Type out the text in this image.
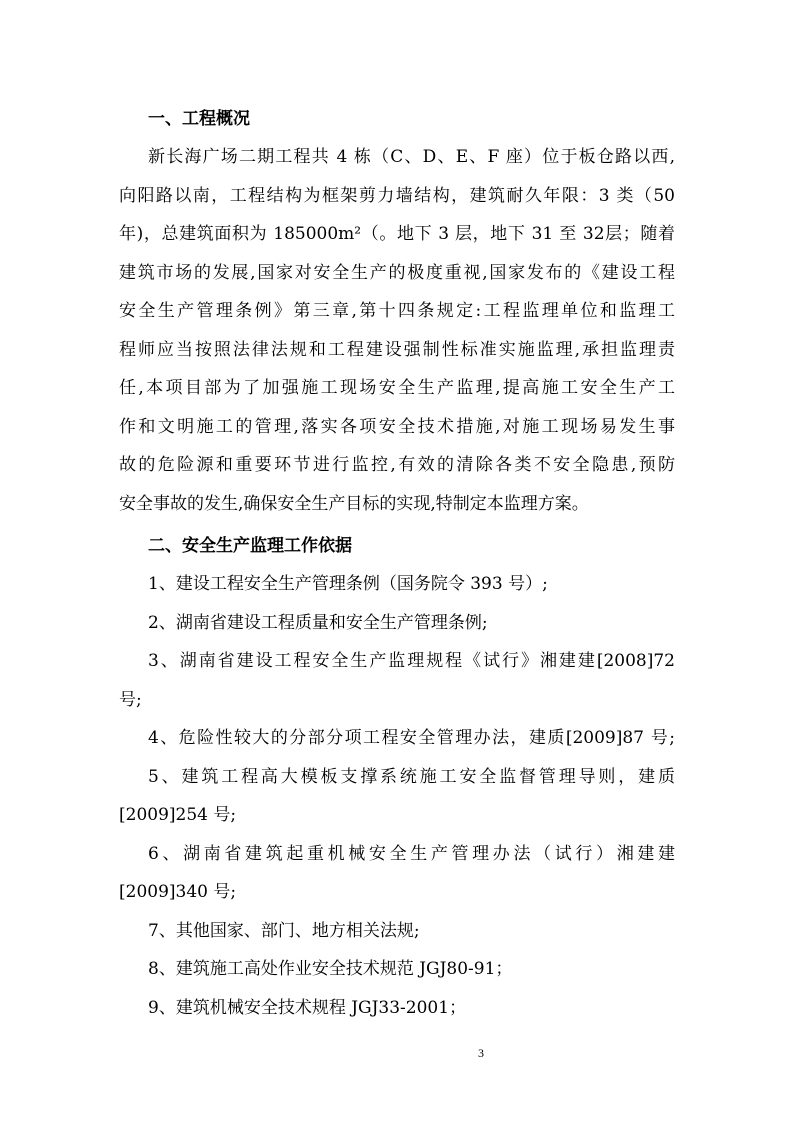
一、工程概况

新长海广场二期工程共 4 栋（C、D、E、F 座）位于板仓路以西,
向阳路以南，工程结构为框架剪力墙结构，建筑耐久年限：3 类（50
年)，总建筑面积为 185000m²（。地下 3 层，地下 31 至 32层；随着
建筑市场的发展,国家对安全生产的极度重视,国家发布的《建设工程
安全生产管理条例》第三章,第十四条规定:工程监理单位和监理工
程师应当按照法律法规和工程建设强制性标准实施监理,承担监理责
任,本项目部为了加强施工现场安全生产监理,提高施工安全生产工
作和文明施工的管理,落实各项安全技术措施,对施工现场易发生事
故的危险源和重要环节进行监控,有效的清除各类不安全隐患,预防
安全事故的发生,确保安全生产目标的实现,特制定本监理方案。

二、安全生产监理工作依据

1、建设工程安全生产管理条例（国务院令 393 号）;

2、湖南省建设工程质量和安全生产管理条例;

3、湖南省建设工程安全生产监理规程《试行》湘建建[2008]72
号;

4、危险性较大的分部分项工程安全管理办法，建质[2009]87 号;

5、建筑工程高大模板支撑系统施工安全监督管理导则，建质
[2009]254 号;

6、湖南省建筑起重机械安全生产管理办法（试行）湘建建
[2009]340 号;

7、其他国家、部门、地方相关法规;

8、建筑施工高处作业安全技术规范 JGJ80-91；

9、建筑机械安全技术规程 JGJ33-2001；

3
